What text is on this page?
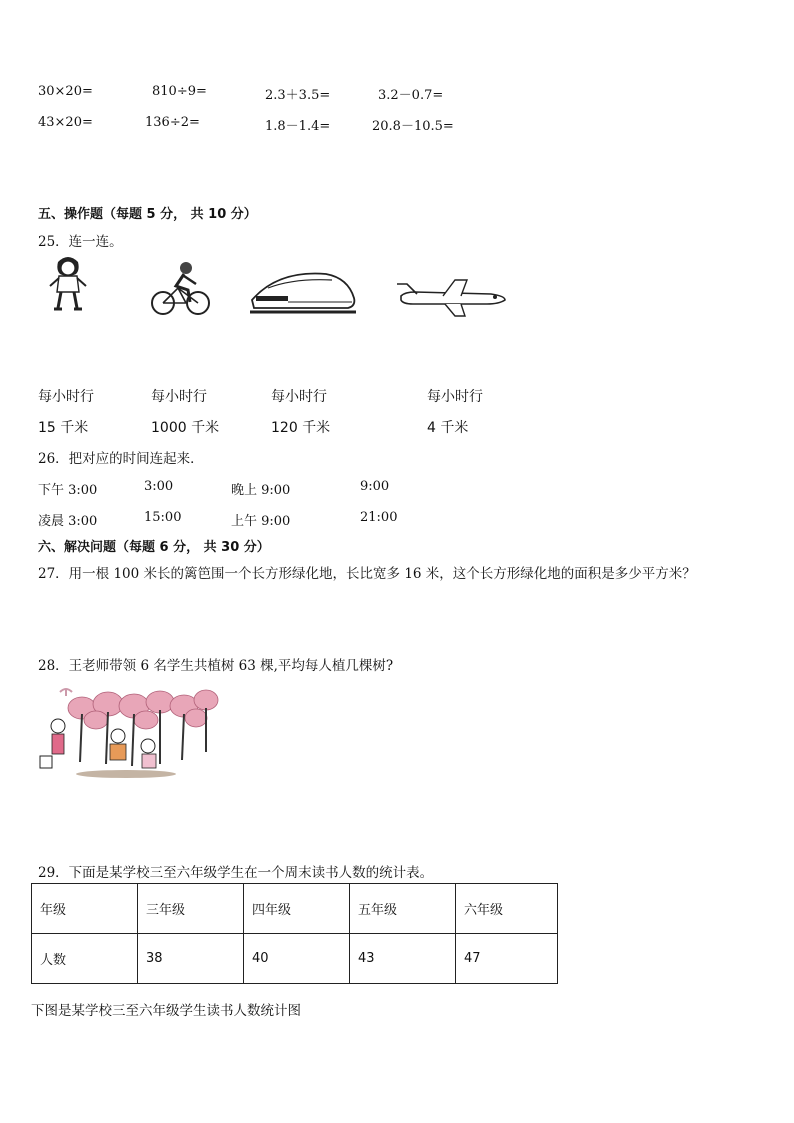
30×20=	810÷9=	2.3＋3.5=	3.2－0.7=
43×20=	136÷2=	1.8－1.4=	20.8－10.5=
五、操作题（每题 5 分， 共 10 分）
25．连一连。
每小时行	每小时行	每小时行	每小时行
15 千米	1000 千米	120 千米	4 千米
26．把对应的时间连起来．
下午 3:00	3:00	晚上 9:00	9:00
凌晨 3:00	15:00	上午 9:00	21:00
六、解决问题（每题 6 分， 共 30 分）
27．用一根 100 米长的篱笆围一个长方形绿化地，长比宽多 16 米，这个长方形绿化地的面积是多少平方米？
28．王老师带领 6 名学生共植树 63 棵,平均每人植几棵树?
29．下面是某学校三至六年级学生在一个周末读书人数的统计表。
年级	三年级	四年级	五年级	六年级
人数	38	40	43	47
下图是某学校三至六年级学生读书人数统计图
